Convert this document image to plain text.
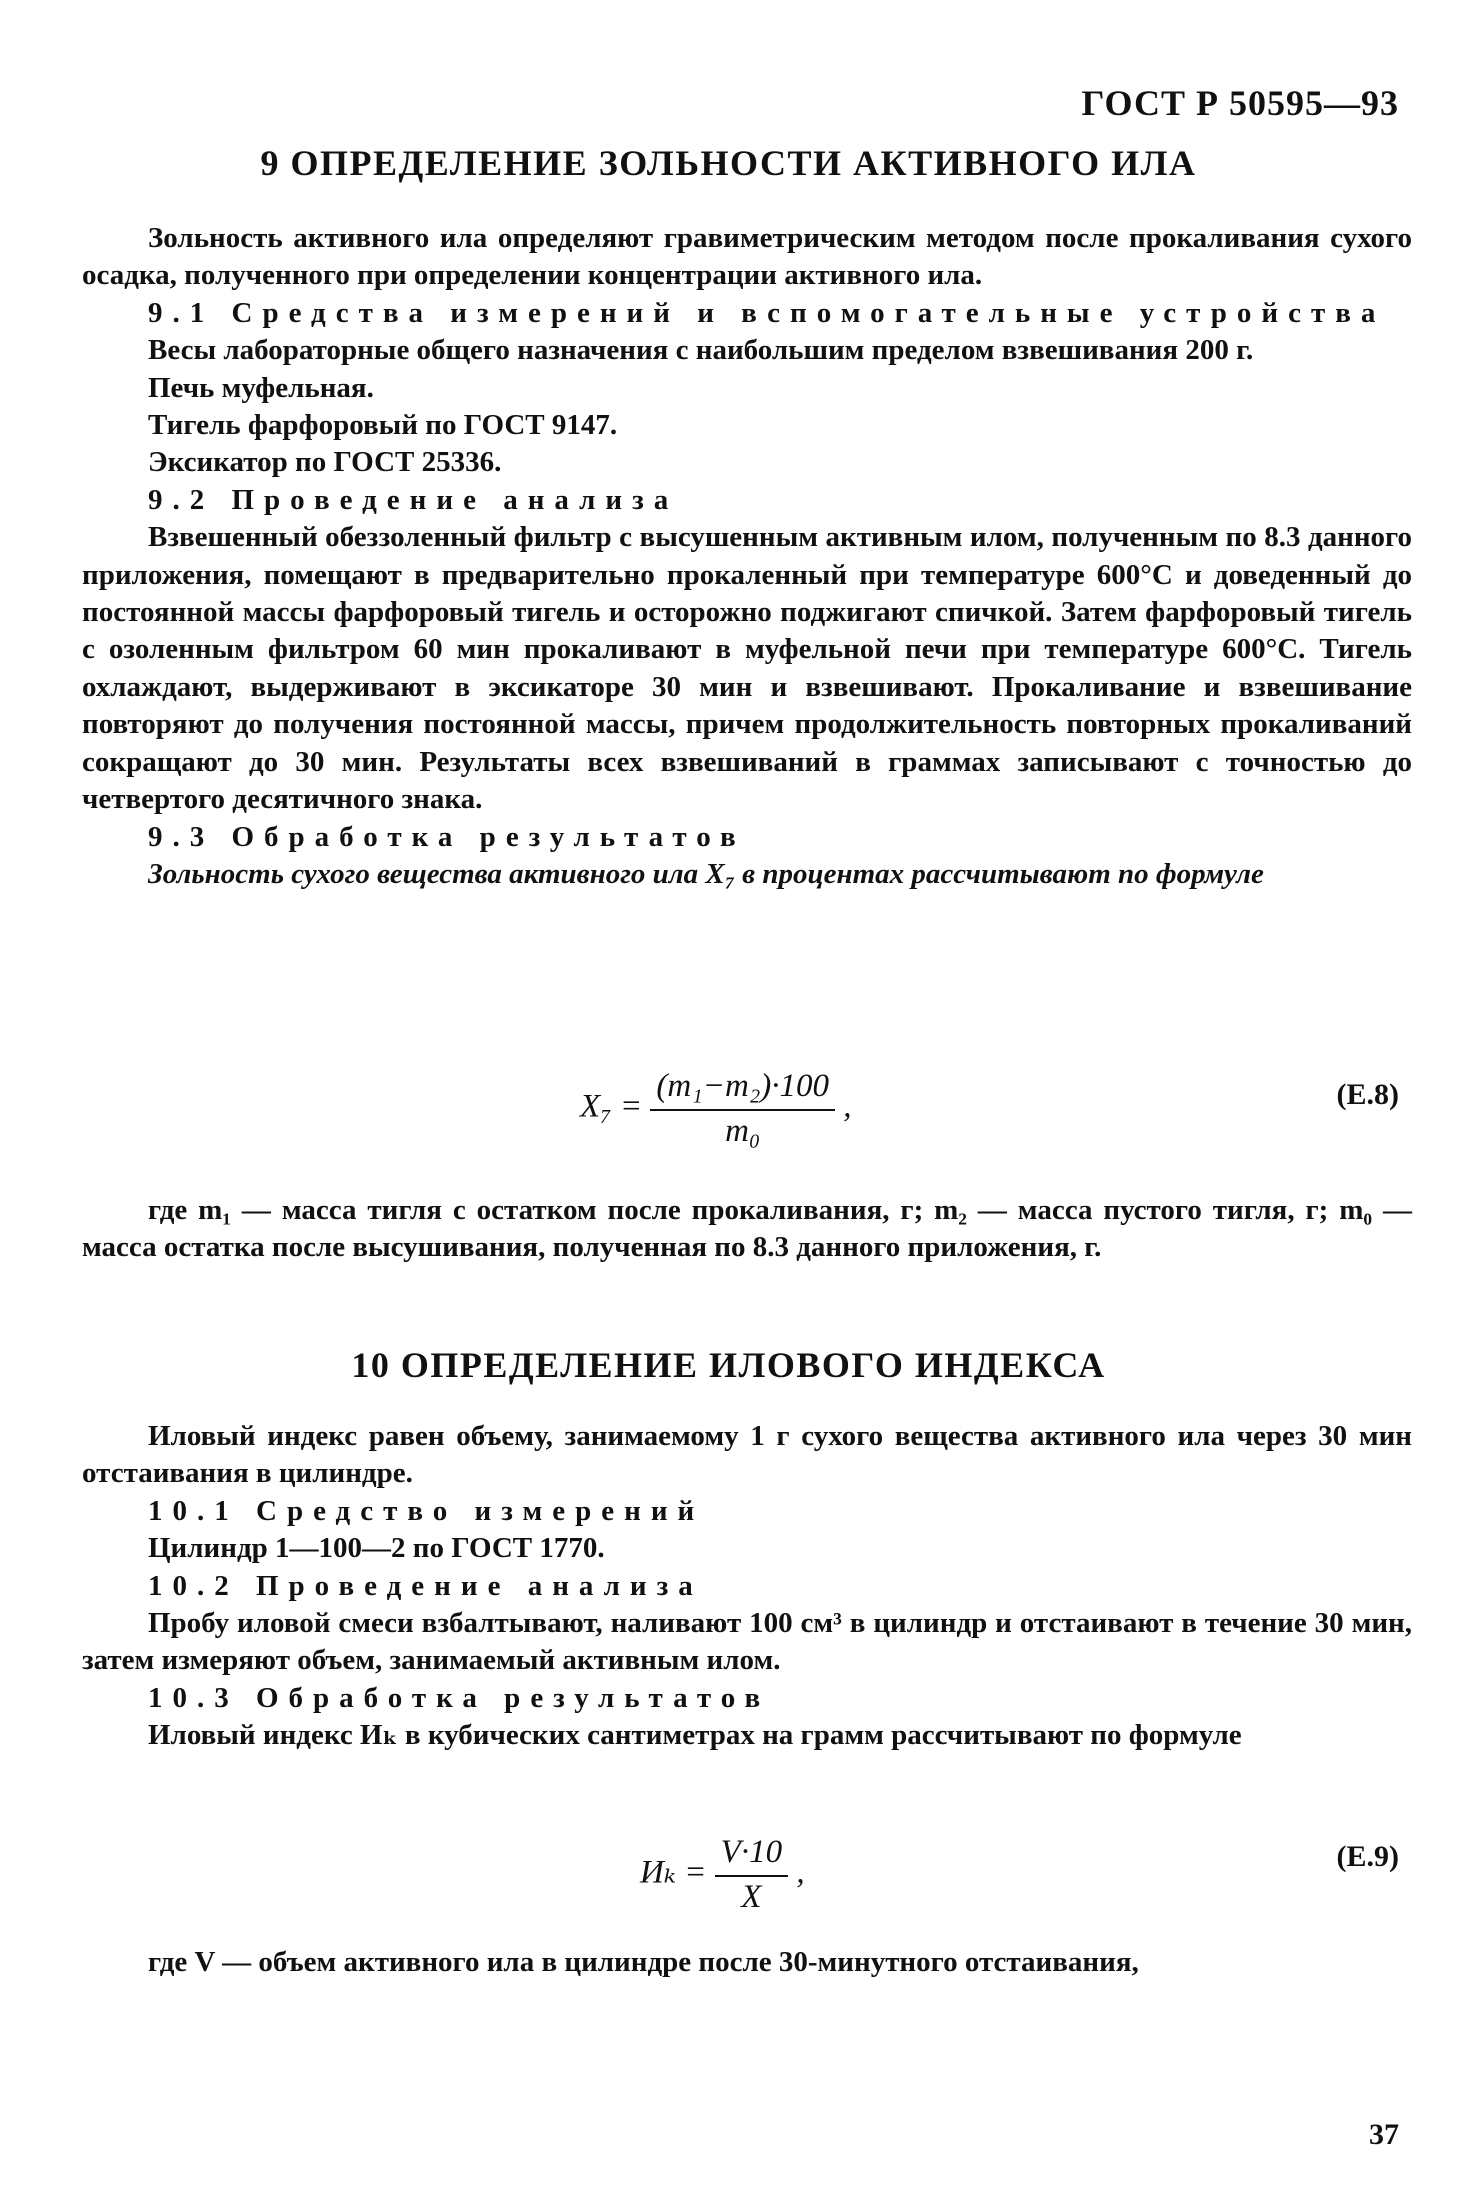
ГОСТ Р 50595—93
9 ОПРЕДЕЛЕНИЕ ЗОЛЬНОСТИ АКТИВНОГО ИЛА

Зольность активного ила определяют гравиметрическим методом после прокаливания сухого осадка, полученного при определении концентрации активного ила.

9.1 Средства измерений и вспомогательные устройства

Весы лабораторные общего назначения с наибольшим пределом взвешивания 200 г.

Печь муфельная.

Тигель фарфоровый по ГОСТ 9147.

Эксикатор по ГОСТ 25336.

9.2 Проведение анализа

Взвешенный обеззоленный фильтр с высушенным активным илом, полученным по 8.3 данного приложения, помещают в предварительно прокаленный при температуре 600°С и доведенный до постоянной массы фарфоровый тигель и осторожно поджигают спичкой. Затем фарфоровый тигель с озоленным фильтром 60 мин прокаливают в муфельной печи при температуре 600°С. Тигель охлаждают, выдерживают в эксикаторе 30 мин и взвешивают. Прокаливание и взвешивание повторяют до получения постоянной массы, причем продолжительность повторных прокаливаний сокращают до 30 мин. Результаты всех взвешиваний в граммах записывают с точностью до четвертого десятичного знака.

9.3 Обработка результатов

Зольность сухого вещества активного ила X₇ в процентах рассчитывают по формуле

$X_7 = \frac{\text{(m₁−m₂)·100}}{\text{m₀}}$ ,	(Е.8)

где m₁ — масса тигля с остатком после прокаливания, г; m₂ — масса пустого тигля, г; m₀ — масса остатка после высушивания, полученная по 8.3 данного приложения, г.

10 ОПРЕДЕЛЕНИЕ ИЛОВОГО ИНДЕКСА

Иловый индекс равен объему, занимаемому 1 г сухого вещества активного ила через 30 мин отстаивания в цилиндре.

10.1 Средство измерений

Цилиндр 1—100—2 по ГОСТ 1770.

10.2 Проведение анализа

Пробу иловой смеси взбалтывают, наливают 100 см³ в цилиндр и отстаивают в течение 30 мин, затем измеряют объем, занимаемый активным илом.

10.3 Обработка результатов

Иловый индекс Иₖ в кубических сантиметрах на грамм рассчитывают по формуле

$И_k = \frac{V\cdot 10}{X}$ ,	(Е.9)

где V — объем активного ила в цилиндре после 30-минутного отстаивания,

37
